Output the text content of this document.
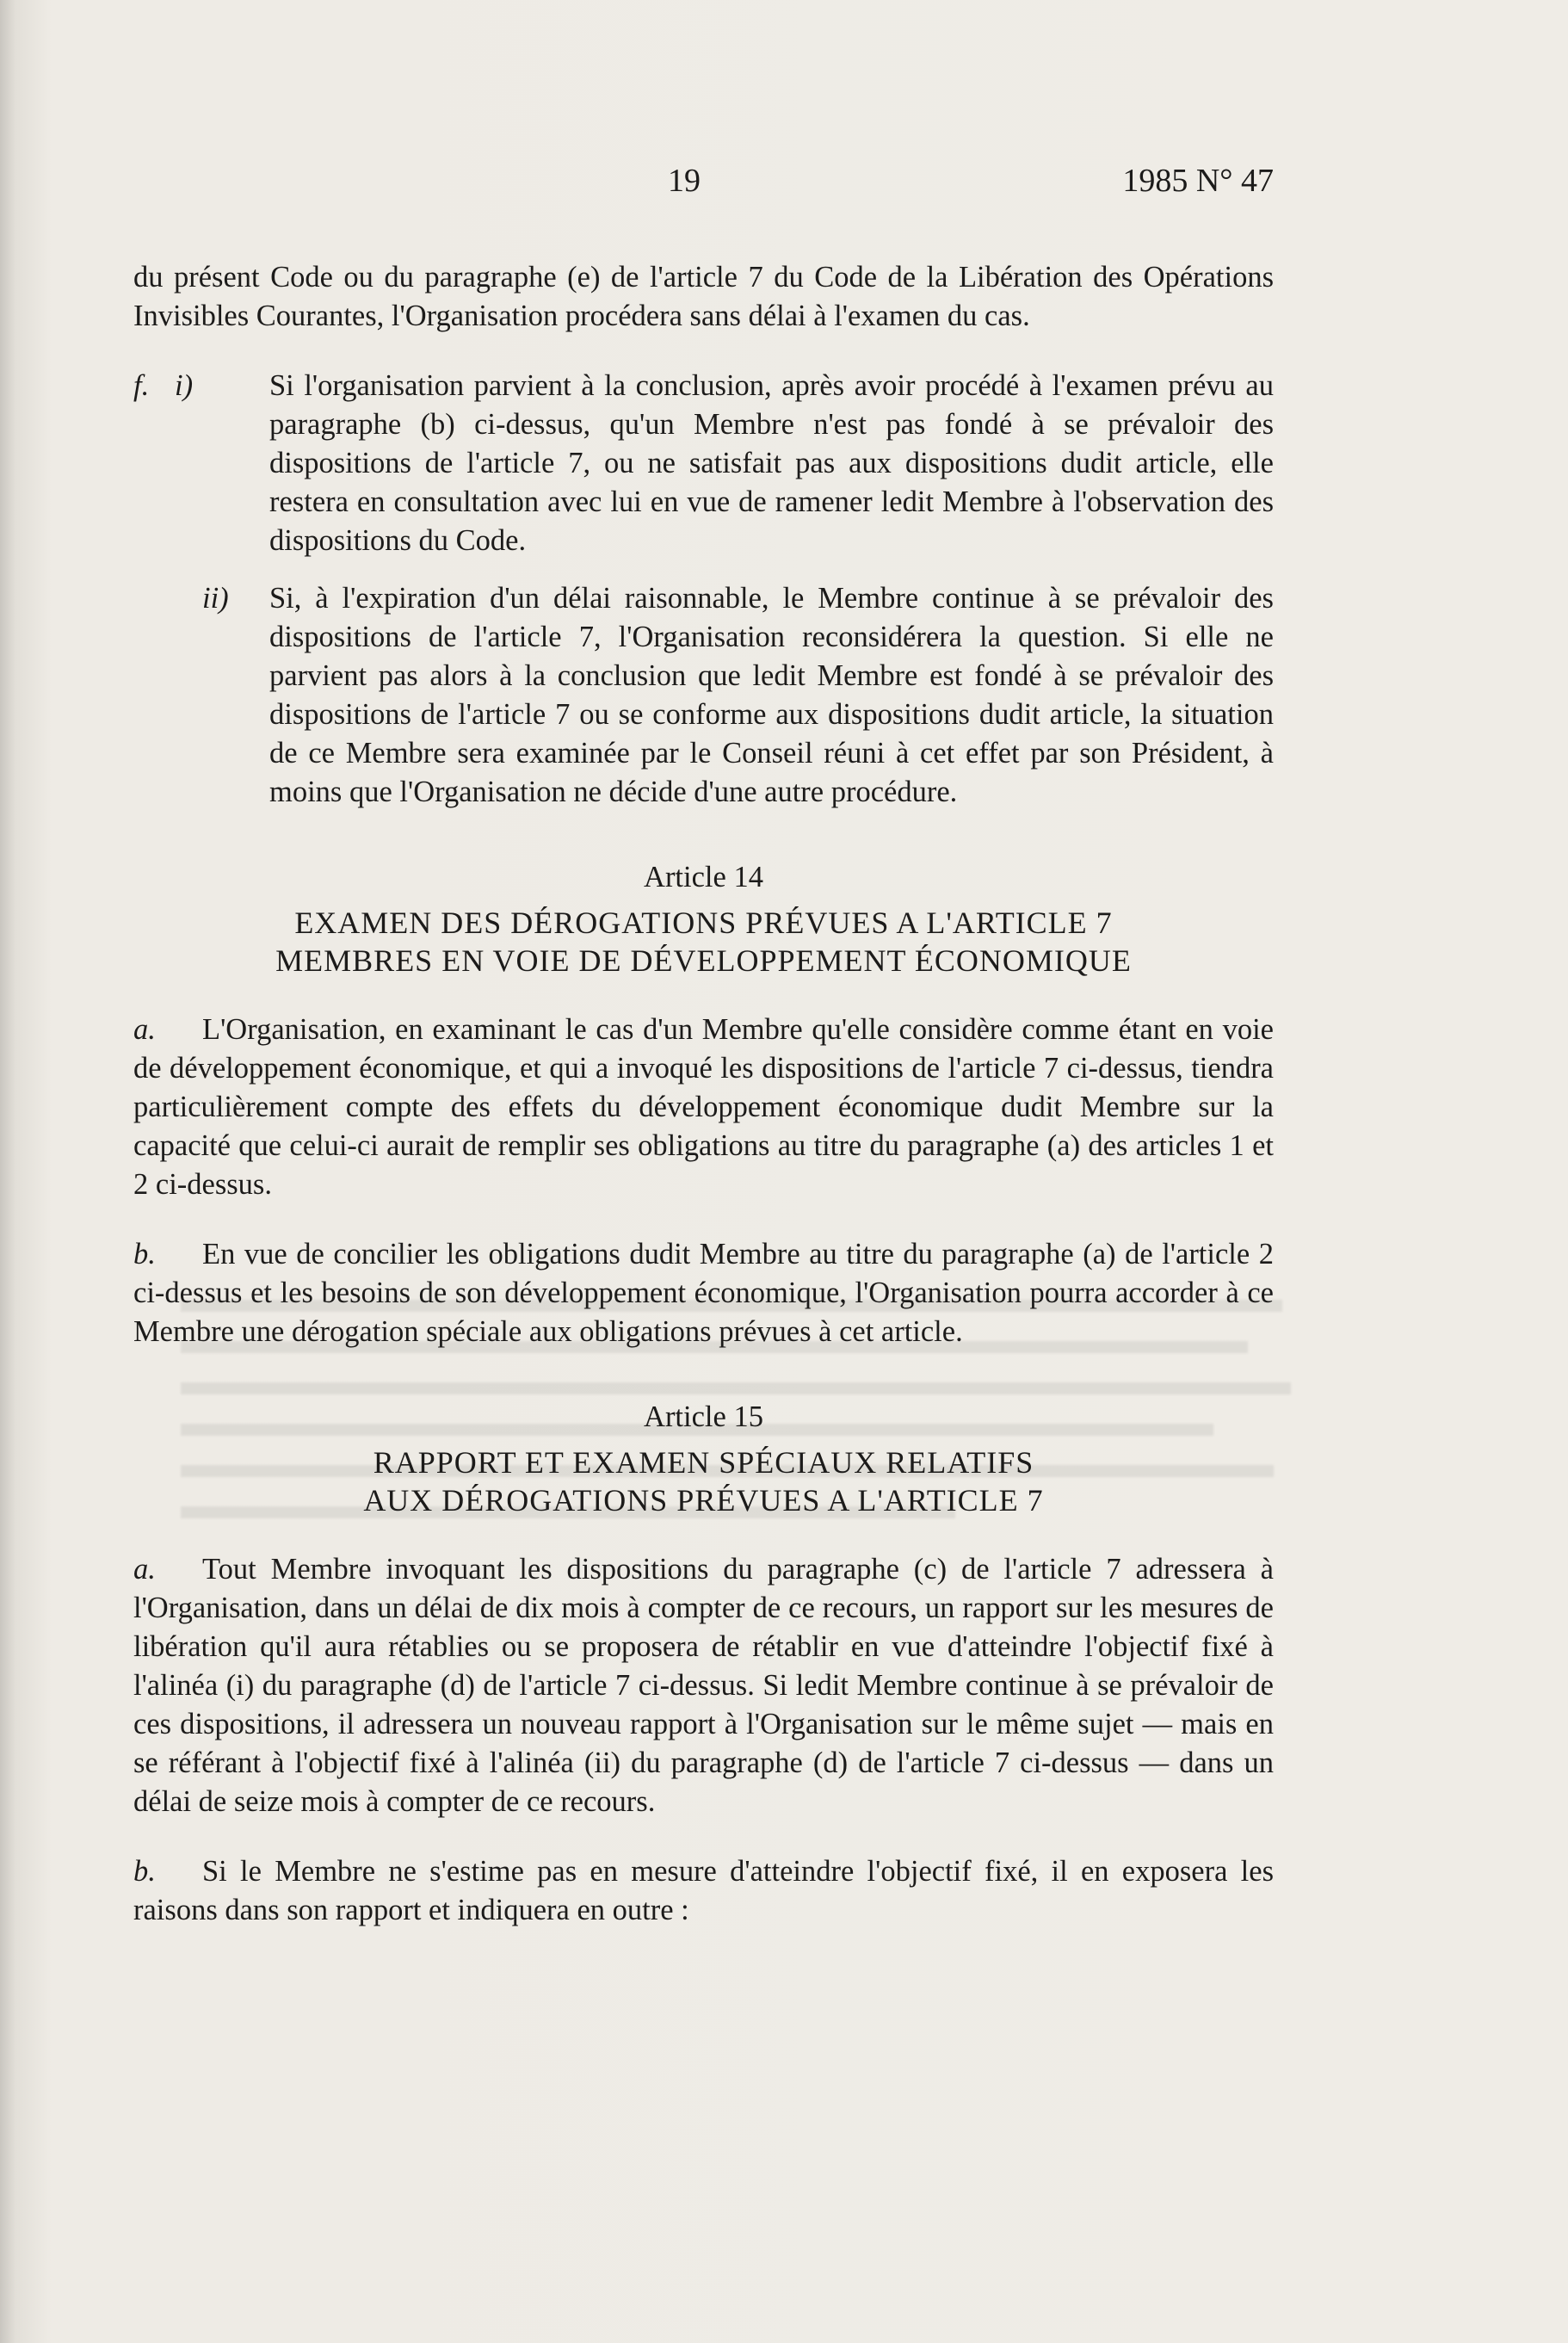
19	1985 N° 47

du présent Code ou du paragraphe (e) de l'article 7 du Code de la Libération des Opérations Invisibles Courantes, l'Organisation procédera sans délai à l'examen du cas.

f. i)	Si l'organisation parvient à la conclusion, après avoir procédé à l'examen prévu au paragraphe (b) ci-dessus, qu'un Membre n'est pas fondé à se prévaloir des dispositions de l'article 7, ou ne satisfait pas aux dispositions dudit article, elle restera en consultation avec lui en vue de ramener ledit Membre à l'observation des dispositions du Code.

ii) Si, à l'expiration d'un délai raisonnable, le Membre continue à se prévaloir des dispositions de l'article 7, l'Organisation reconsidérera la question. Si elle ne parvient pas alors à la conclusion que ledit Membre est fondé à se prévaloir des dispositions de l'article 7 ou se conforme aux dispositions dudit article, la situation de ce Membre sera examinée par le Conseil réuni à cet effet par son Président, à moins que l'Organisation ne décide d'une autre procédure.

Article 14

EXAMEN DES DÉROGATIONS PRÉVUES A L'ARTICLE 7

MEMBRES EN VOIE DE DÉVELOPPEMENT ÉCONOMIQUE

a. L'Organisation, en examinant le cas d'un Membre qu'elle considère comme étant en voie de développement économique, et qui a invoqué les dispositions de l'article 7 ci-dessus, tiendra particulièrement compte des effets du développement économique dudit Membre sur la capacité que celui-ci aurait de remplir ses obligations au titre du paragraphe (a) des articles 1 et 2 ci-dessus.

b. En vue de concilier les obligations dudit Membre au titre du paragraphe (a) de l'article 2 ci-dessus et les besoins de son développement économique, l'Organisation pourra accorder à ce Membre une dérogation spéciale aux obligations prévues à cet article.

Article 15

RAPPORT ET EXAMEN SPÉCIAUX RELATIFS

AUX DÉROGATIONS PRÉVUES A L'ARTICLE 7

a. Tout Membre invoquant les dispositions du paragraphe (c) de l'article 7 adressera à l'Organisation, dans un délai de dix mois à compter de ce recours, un rapport sur les mesures de libération qu'il aura rétablies ou se proposera de rétablir en vue d'atteindre l'objectif fixé à l'alinéa (i) du paragraphe (d) de l'article 7 ci-dessus. Si ledit Membre continue à se prévaloir de ces dispositions, il adressera un nouveau rapport à l'Organisation sur le même sujet — mais en se référant à l'objectif fixé à l'alinéa (ii) du paragraphe (d) de l'article 7 ci-dessus — dans un délai de seize mois à compter de ce recours.

b. Si le Membre ne s'estime pas en mesure d'atteindre l'objectif fixé, il en exposera les raisons dans son rapport et indiquera en outre :
